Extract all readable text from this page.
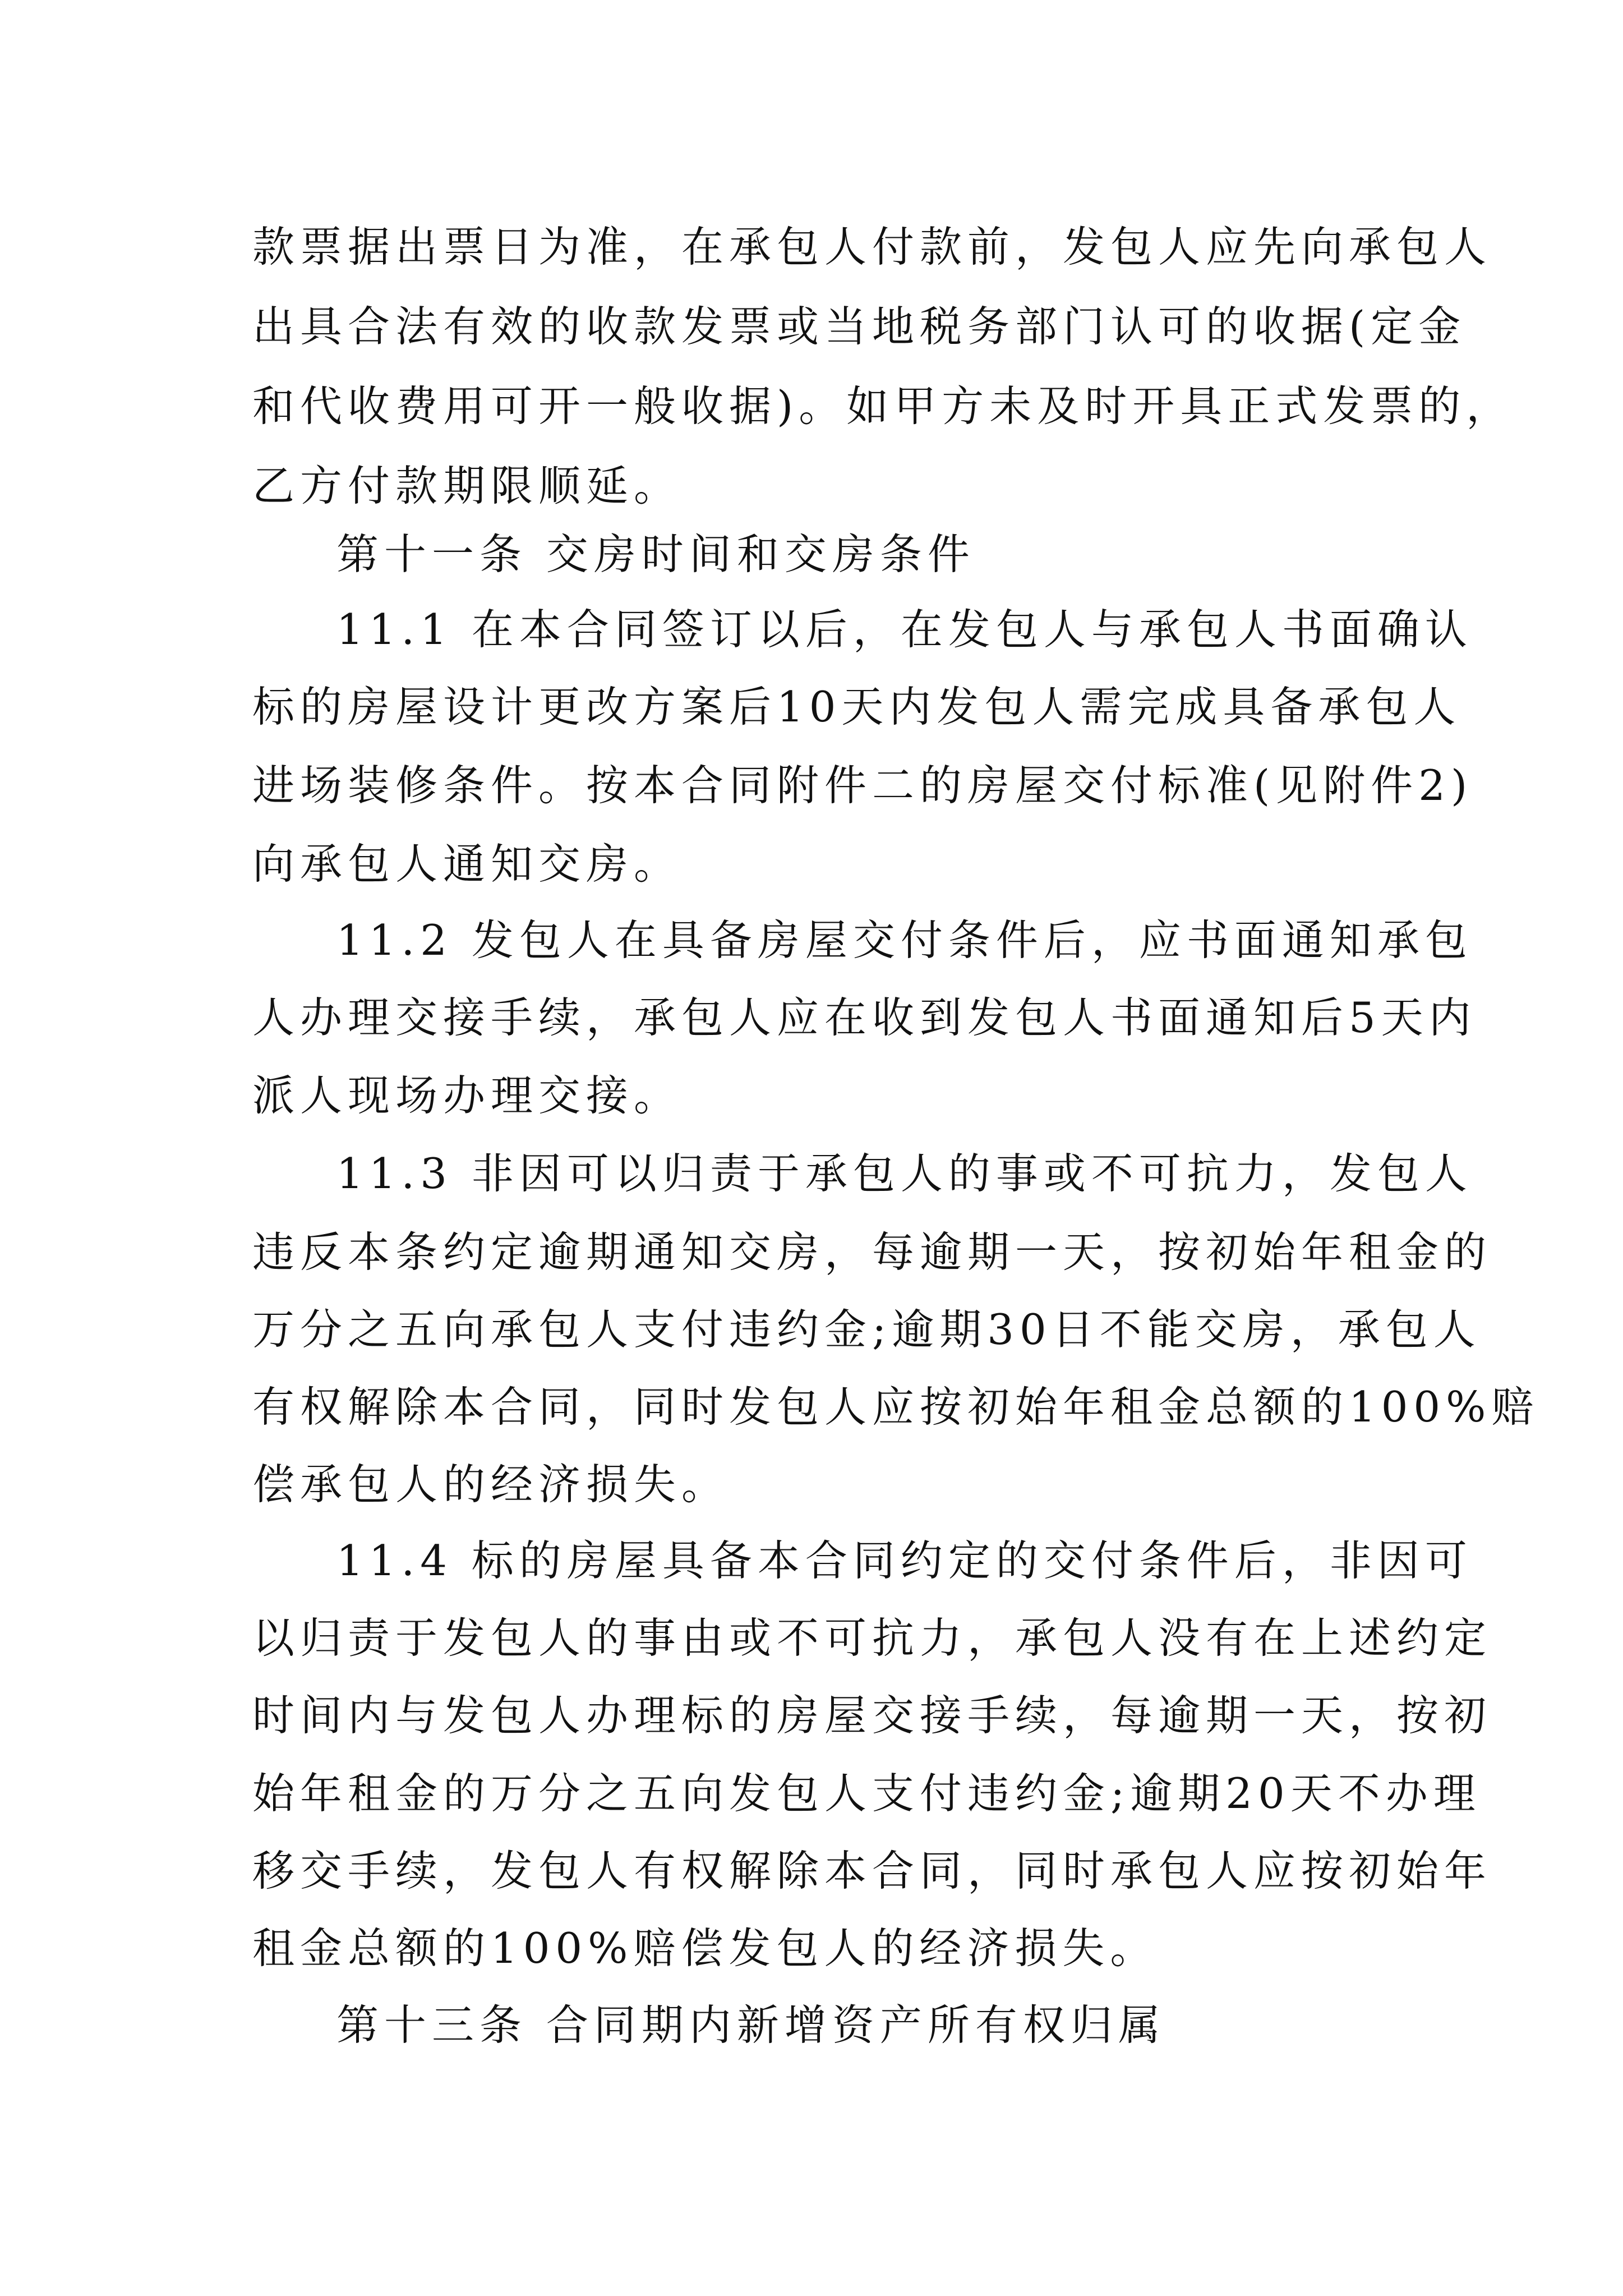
款票据出票日为准，在承包人付款前，发包人应先向承包人
出具合法有效的收款发票或当地税务部门认可的收据(定金
和代收费用可开一般收据)。如甲方未及时开具正式发票的，
乙方付款期限顺延。
第十一条 交房时间和交房条件
11.1 在本合同签订以后，在发包人与承包人书面确认
标的房屋设计更改方案后10天内发包人需完成具备承包人
进场装修条件。按本合同附件二的房屋交付标准(见附件2)
向承包人通知交房。
11.2 发包人在具备房屋交付条件后，应书面通知承包
人办理交接手续，承包人应在收到发包人书面通知后5天内
派人现场办理交接。
11.3 非因可以归责于承包人的事或不可抗力，发包人
违反本条约定逾期通知交房，每逾期一天，按初始年租金的
万分之五向承包人支付违约金;逾期30日不能交房，承包人
有权解除本合同，同时发包人应按初始年租金总额的100%赔
偿承包人的经济损失。
11.4 标的房屋具备本合同约定的交付条件后，非因可
以归责于发包人的事由或不可抗力，承包人没有在上述约定
时间内与发包人办理标的房屋交接手续，每逾期一天，按初
始年租金的万分之五向发包人支付违约金;逾期20天不办理
移交手续，发包人有权解除本合同，同时承包人应按初始年
租金总额的100%赔偿发包人的经济损失。
第十三条 合同期内新增资产所有权归属
